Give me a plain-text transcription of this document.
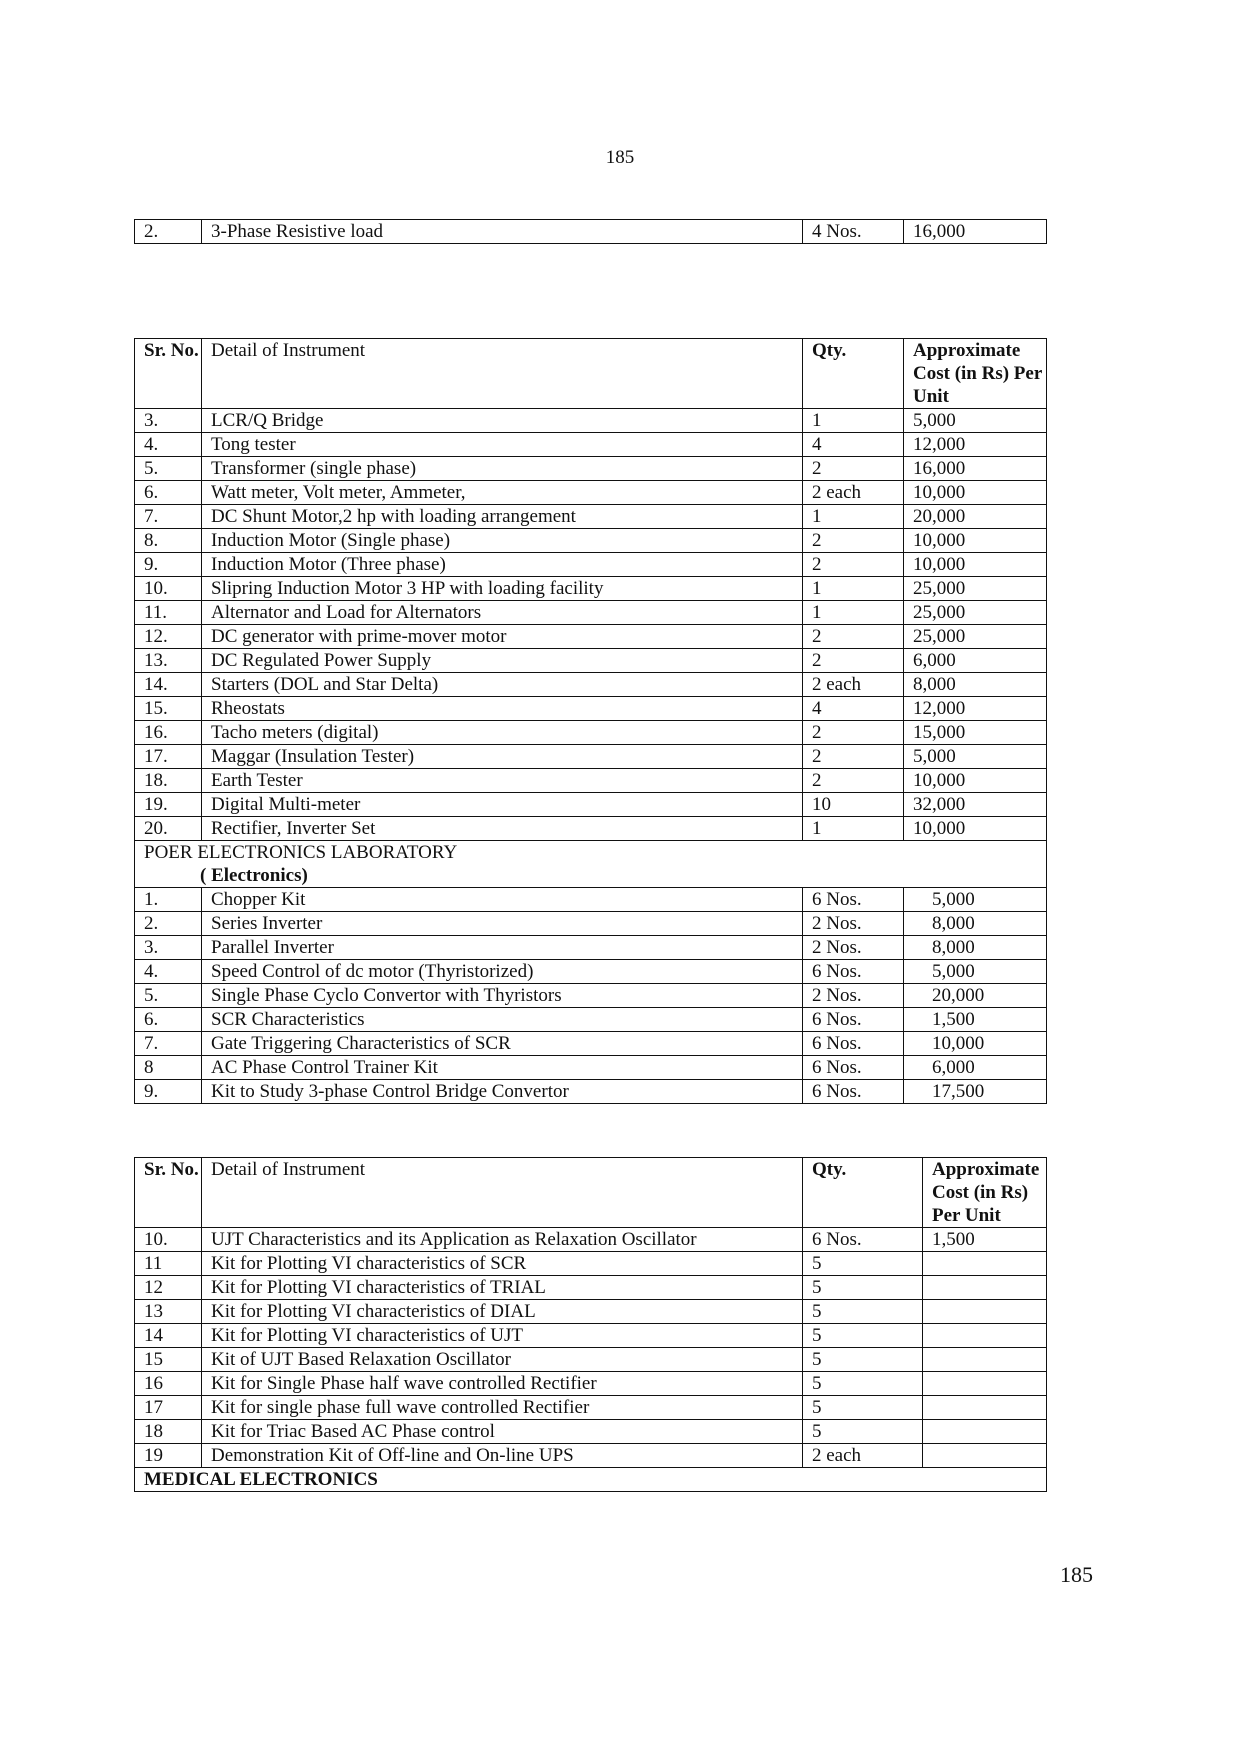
185
2.	3-Phase Resistive load	4 Nos.	16,000
Sr. No.	Detail of Instrument	Qty.	Approximate Cost (in Rs) Per Unit
3.	LCR/Q Bridge	1	5,000
4.	Tong tester	4	12,000
5.	Transformer (single phase)	2	16,000
6.	Watt meter, Volt meter, Ammeter,	2 each	10,000
7.	DC Shunt Motor,2 hp with loading arrangement	1	20,000
8.	Induction Motor (Single phase)	2	10,000
9.	Induction Motor (Three phase)	2	10,000
10.	Slipring Induction Motor 3 HP with loading facility	1	25,000
11.	Alternator and Load for Alternators	1	25,000
12.	DC generator with prime-mover motor	2	25,000
13.	DC Regulated Power Supply	2	6,000
14.	Starters (DOL and Star Delta)	2 each	8,000
15.	Rheostats	4	12,000
16.	Tacho meters (digital)	2	15,000
17.	Maggar (Insulation Tester)	2	5,000
18.	Earth Tester	2	10,000
19.	Digital Multi-meter	10	32,000
20.	Rectifier, Inverter Set	1	10,000

POER ELECTRONICS LABORATORY
( Electronics)			

1.	Chopper Kit	6 Nos.	5,000
2.	Series Inverter	2 Nos.	8,000
3.	Parallel Inverter	2 Nos.	8,000
4.	Speed Control of dc motor (Thyristorized)	6 Nos.	5,000
5.	Single Phase Cyclo Convertor with Thyristors	2 Nos.	20,000
6.	SCR Characteristics	6 Nos.	1,500
7.	Gate Triggering Characteristics of SCR	6 Nos.	10,000
8	AC Phase Control Trainer Kit	6 Nos.	6,000
9.	Kit to Study 3-phase Control Bridge Convertor	6 Nos.	17,500
Sr. No.	Detail of Instrument	Qty.	Approximate Cost (in Rs) Per Unit
10.	UJT Characteristics and its Application as Relaxation Oscillator	6 Nos.	1,500
11	Kit for Plotting VI characteristics of SCR	5	
12	Kit for Plotting VI characteristics of TRIAL	5	
13	Kit for Plotting VI characteristics of DIAL	5	
14	Kit for Plotting VI characteristics of UJT	5	
15	Kit of UJT Based Relaxation Oscillator	5	
16	Kit for Single Phase half wave controlled Rectifier	5	
17	Kit for single phase full wave controlled Rectifier	5	
18	Kit for Triac Based AC Phase control	5	
19	Demonstration Kit of Off-line and On-line UPS	2 each	
MEDICAL ELECTRONICS			
185
